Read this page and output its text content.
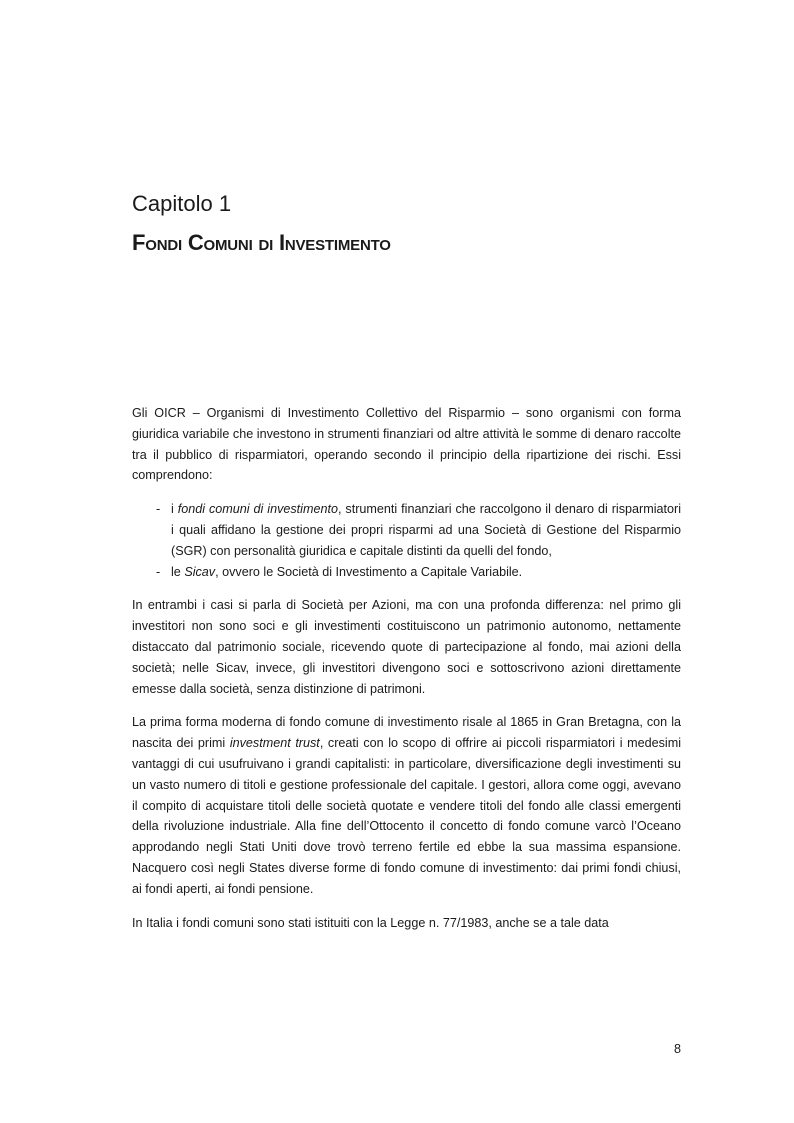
Capitolo 1
Fondi Comuni di Investimento

Gli OICR – Organismi di Investimento Collettivo del Risparmio – sono organismi con forma giuridica variabile che investono in strumenti finanziari od altre attività le somme di denaro raccolte tra il pubblico di risparmiatori, operando secondo il principio della ripartizione dei rischi. Essi comprendono:

- i fondi comuni di investimento, strumenti finanziari che raccolgono il denaro di risparmiatori i quali affidano la gestione dei propri risparmi ad una Società di Gestione del Risparmio (SGR) con personalità giuridica e capitale distinti da quelli del fondo,
- le Sicav, ovvero le Società di Investimento a Capitale Variabile.

In entrambi i casi si parla di Società per Azioni, ma con una profonda differenza: nel primo gli investitori non sono soci e gli investimenti costituiscono un patrimonio autonomo, nettamente distaccato dal patrimonio sociale, ricevendo quote di partecipazione al fondo, mai azioni della società; nelle Sicav, invece, gli investitori divengono soci e sottoscrivono azioni direttamente emesse dalla società, senza distinzione di patrimoni.

La prima forma moderna di fondo comune di investimento risale al 1865 in Gran Bretagna, con la nascita dei primi investment trust, creati con lo scopo di offrire ai piccoli risparmiatori i medesimi vantaggi di cui usufruivano i grandi capitalisti: in particolare, diversificazione degli investimenti su un vasto numero di titoli e gestione professionale del capitale. I gestori, allora come oggi, avevano il compito di acquistare titoli delle società quotate e vendere titoli del fondo alle classi emergenti della rivoluzione industriale. Alla fine dell’Ottocento il concetto di fondo comune varcò l’Oceano approdando negli Stati Uniti dove trovò terreno fertile ed ebbe la sua massima espansione. Nacquero così negli States diverse forme di fondo comune di investimento: dai primi fondi chiusi, ai fondi aperti, ai fondi pensione.

In Italia i fondi comuni sono stati istituiti con la Legge n. 77/1983, anche se a tale data

8
